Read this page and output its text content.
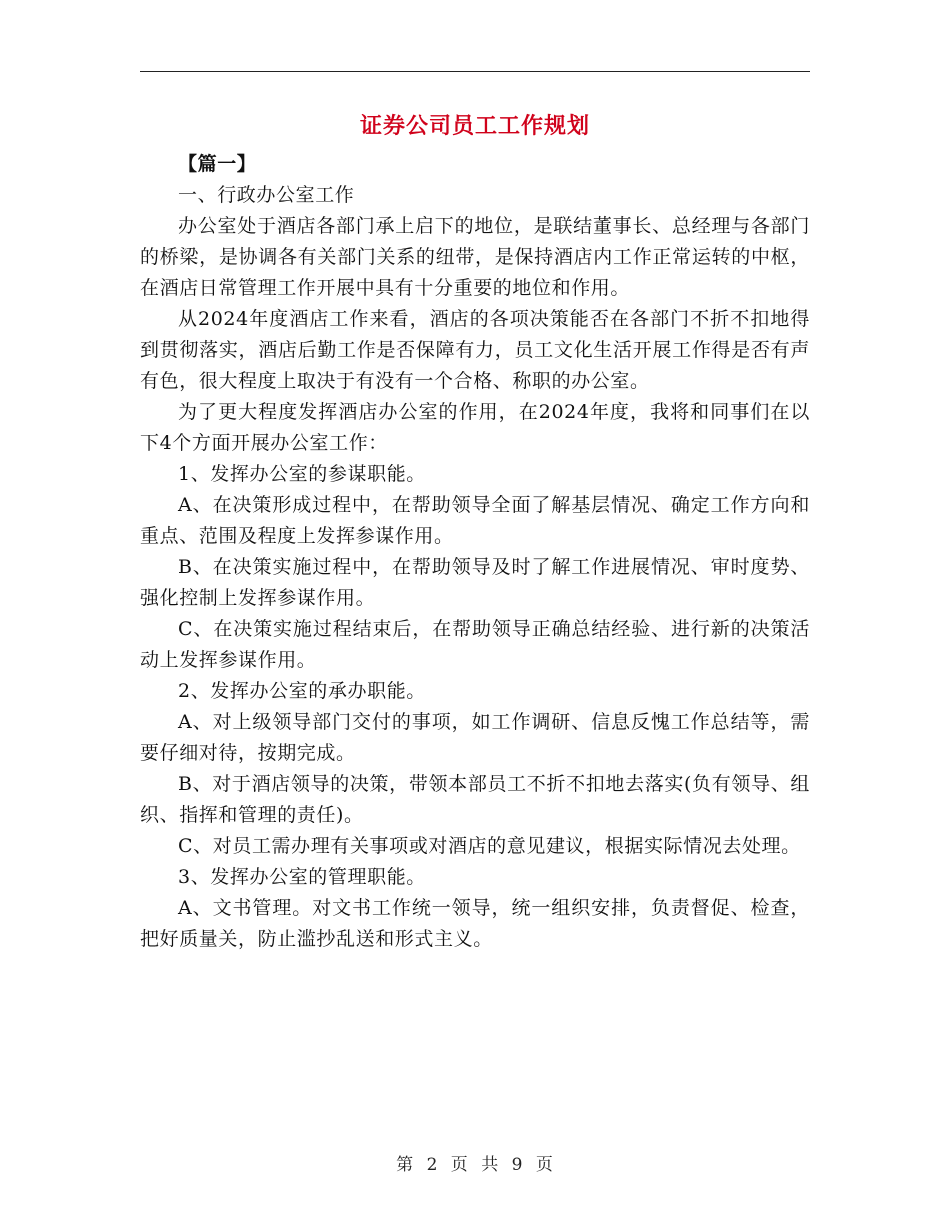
证券公司员工工作规划

【篇一】

一、行政办公室工作

办公室处于酒店各部门承上启下的地位，是联结董事长、总经理与各部门的桥梁，是协调各有关部门关系的纽带，是保持酒店内工作正常运转的中枢，在酒店日常管理工作开展中具有十分重要的地位和作用。

从2024年度酒店工作来看，酒店的各项决策能否在各部门不折不扣地得到贯彻落实，酒店后勤工作是否保障有力，员工文化生活开展工作得是否有声有色，很大程度上取决于有没有一个合格、称职的办公室。

为了更大程度发挥酒店办公室的作用，在2024年度，我将和同事们在以下4个方面开展办公室工作：

1、发挥办公室的参谋职能。

A、在决策形成过程中，在帮助领导全面了解基层情况、确定工作方向和重点、范围及程度上发挥参谋作用。

B、在决策实施过程中，在帮助领导及时了解工作进展情况、审时度势、强化控制上发挥参谋作用。

C、在决策实施过程结束后，在帮助领导正确总结经验、进行新的决策活动上发挥参谋作用。

2、发挥办公室的承办职能。

A、对上级领导部门交付的事项，如工作调研、信息反愧工作总结等，需要仔细对待，按期完成。

B、对于酒店领导的决策，带领本部员工不折不扣地去落实(负有领导、组织、指挥和管理的责任)。

C、对员工需办理有关事项或对酒店的意见建议，根据实际情况去处理。

3、发挥办公室的管理职能。

A、文书管理。对文书工作统一领导，统一组织安排，负责督促、检查，把好质量关，防止滥抄乱送和形式主义。

第 2 页 共 9 页
